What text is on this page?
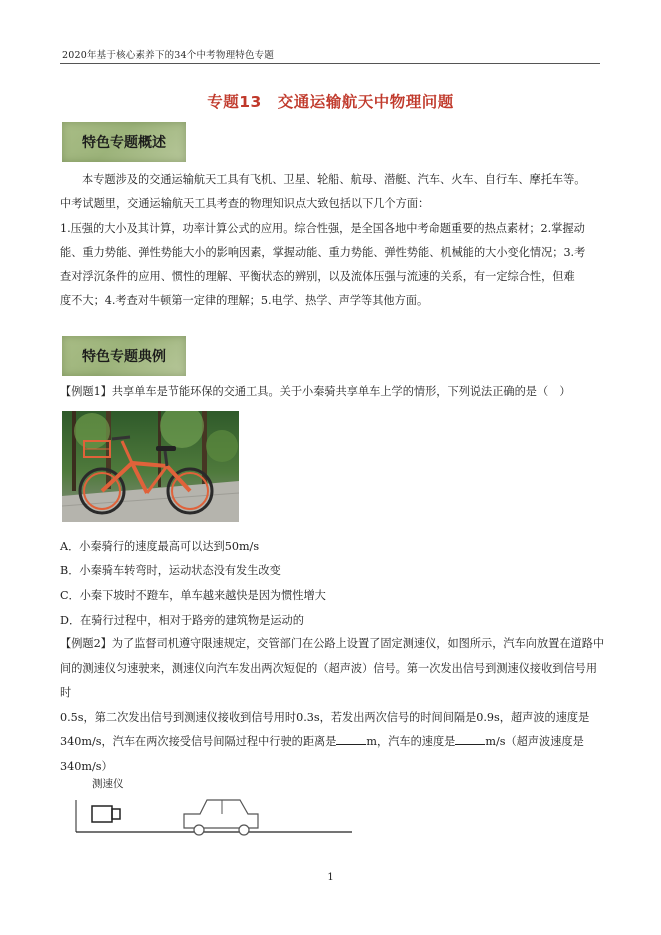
2020年基于核心素养下的34个中考物理特色专题
专题13　交通运输航天中物理问题
特色专题概述
本专题涉及的交通运输航天工具有飞机、卫星、轮船、航母、潜艇、汽车、火车、自行车、摩托车等。
中考试题里，交通运输航天工具考查的物理知识点大致包括以下几个方面：
1.压强的大小及其计算，功率计算公式的应用。综合性强，是全国各地中考命题重要的热点素材；2.掌握动
能、重力势能、弹性势能大小的影响因素，掌握动能、重力势能、弹性势能、机械能的大小变化情况；3.考
查对浮沉条件的应用、惯性的理解、平衡状态的辨别，以及流体压强与流速的关系，有一定综合性，但难
度不大；4.考查对牛顿第一定律的理解；5.电学、热学、声学等其他方面。
特色专题典例
【例题1】共享单车是节能环保的交通工具。关于小秦骑共享单车上学的情形，下列说法正确的是（　）
A．小秦骑行的速度最高可以达到50m/s
B．小秦骑车转弯时，运动状态没有发生改变
C．小秦下坡时不蹬车，单车越来越快是因为惯性增大
D．在骑行过程中，相对于路旁的建筑物是运动的
【例题2】为了监督司机遵守限速规定，交管部门在公路上设置了固定测速仪，如图所示，汽车向放置在道路中
间的测速仪匀速驶来，测速仪向汽车发出两次短促的（超声波）信号。第一次发出信号到测速仪接收到信号用时
0.5s，第二次发出信号到测速仪接收到信号用时0.3s，若发出两次信号的时间间隔是0.9s，超声波的速度是
340m/s，汽车在两次接受信号间隔过程中行驶的距离是	m，汽车的速度是	m/s（超声波速度是
340m/s）
测速仪
1
